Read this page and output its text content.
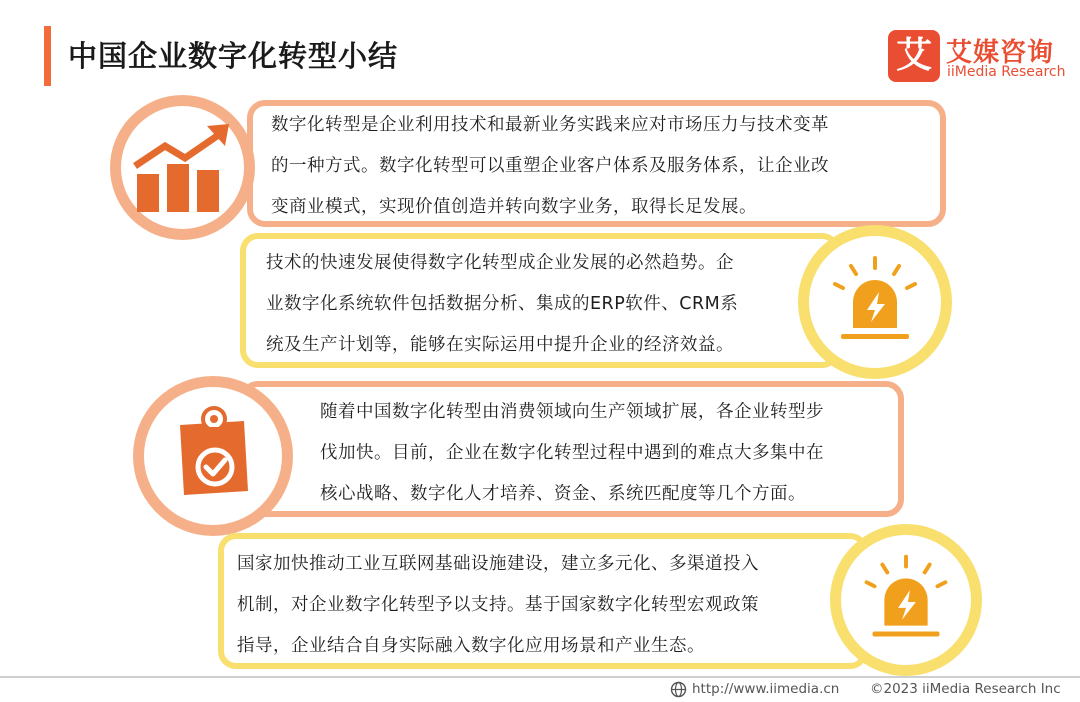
中国企业数字化转型小结	艾 艾媒咨询
iiMedia Research
数字化转型是企业利用技术和最新业务实践来应对市场压力与技术变革
的一种方式。数字化转型可以重塑企业客户体系及服务体系，让企业改
变商业模式，实现价值创造并转向数字业务，取得长足发展。
技术的快速发展使得数字化转型成企业发展的必然趋势。企
业数字化系统软件包括数据分析、集成的ERP软件、CRM系
统及生产计划等，能够在实际运用中提升企业的经济效益。
随着中国数字化转型由消费领域向生产领域扩展，各企业转型步
伐加快。目前，企业在数字化转型过程中遇到的难点大多集中在
核心战略、数字化人才培养、资金、系统匹配度等几个方面。
国家加快推动工业互联网基础设施建设，建立多元化、多渠道投入
机制，对企业数字化转型予以支持。基于国家数字化转型宏观政策
指导，企业结合自身实际融入数字化应用场景和产业生态。
http://www.iimedia.cn ©2023 iiMedia Research Inc
